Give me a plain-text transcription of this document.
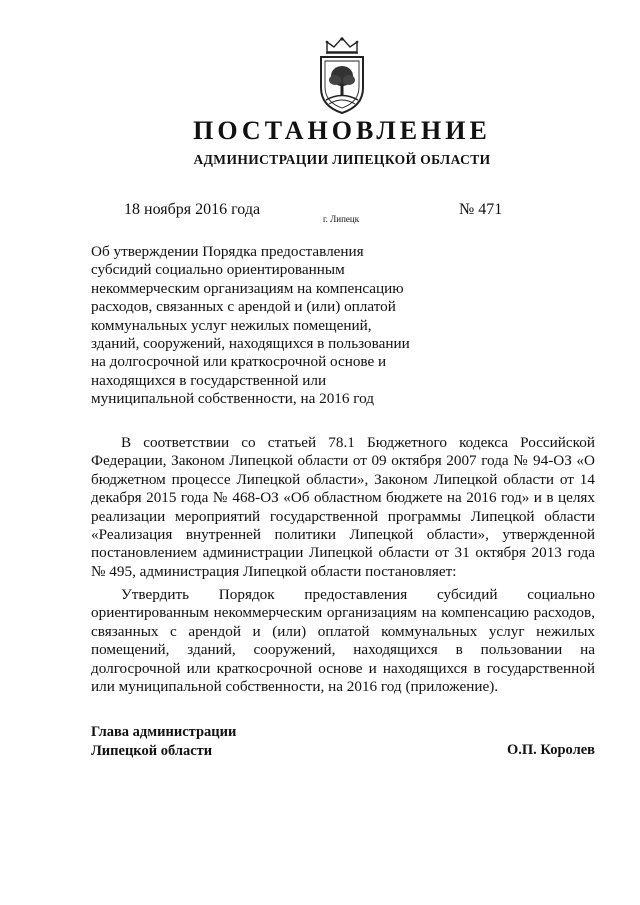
ПОСТАНОВЛЕНИЕ
АДМИНИСТРАЦИИ ЛИПЕЦКОЙ ОБЛАСТИ
18 ноября 2016 года
г. Липецк
№ 471
Об утверждении Порядка предоставления субсидий социально ориентированным некоммерческим организациям на компенсацию расходов, связанных с арендой и (или) оплатой коммунальных услуг нежилых помещений, зданий, сооружений, находящихся в пользовании на долгосрочной или краткосрочной основе и находящихся в государственной или муниципальной собственности, на 2016 год
В соответствии со статьей 78.1 Бюджетного кодекса Российской Федерации, Законом Липецкой области от 09 октября 2007 года № 94-ОЗ «О бюджетном процессе Липецкой области», Законом Липецкой области от 14 декабря 2015 года № 468-ОЗ «Об областном бюджете на 2016 год» и в целях реализации мероприятий государственной программы Липецкой области «Реализация внутренней политики Липецкой области», утвержденной постановлением администрации Липецкой области от 31 октября 2013 года № 495, администрация Липецкой области постановляет:
Утвердить Порядок предоставления субсидий социально ориентированным некоммерческим организациям на компенсацию расходов, связанных с арендой и (или) оплатой коммунальных услуг нежилых помещений, зданий, сооружений, находящихся в пользовании на долгосрочной или краткосрочной основе и находящихся в государственной или муниципальной собственности, на 2016 год (приложение).
Глава администрации
Липецкой области	О.П. Королев
